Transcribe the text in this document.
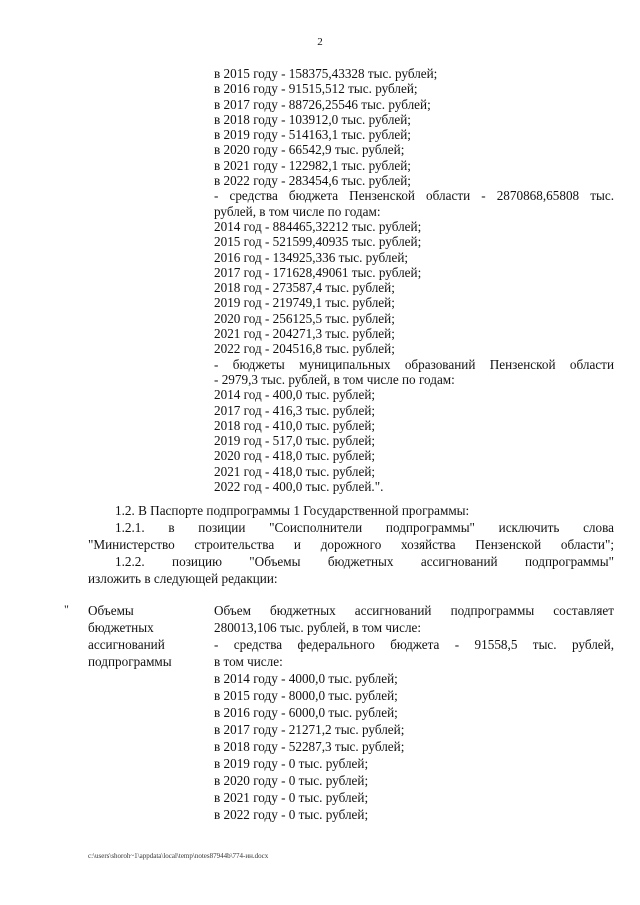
2
в 2015 году - 158375,43328 тыс. рублей;
в 2016 году - 91515,512 тыс. рублей;
в 2017 году - 88726,25546 тыс. рублей;
в 2018 году - 103912,0 тыс. рублей;
в 2019 году - 514163,1 тыс. рублей;
в 2020 году - 66542,9 тыс. рублей;
в 2021 году - 122982,1 тыс. рублей;
в 2022 году - 283454,6 тыс. рублей;
- средства бюджета Пензенской области - 2870868,65808 тыс.
рублей, в том числе по годам:
2014 год - 884465,32212 тыс. рублей;
2015 год - 521599,40935 тыс. рублей;
2016 год - 134925,336 тыс. рублей;
2017 год - 171628,49061 тыс. рублей;
2018 год - 273587,4 тыс. рублей;
2019 год - 219749,1 тыс. рублей;
2020 год - 256125,5 тыс. рублей;
2021 год - 204271,3 тыс. рублей;
2022 год - 204516,8 тыс. рублей;
- бюджеты муниципальных образований Пензенской области
- 2979,3 тыс. рублей, в том числе по годам:
2014 год - 400,0 тыс. рублей;
2017 год - 416,3 тыс. рублей;
2018 год - 410,0 тыс. рублей;
2019 год - 517,0 тыс. рублей;
2020 год - 418,0 тыс. рублей;
2021 год - 418,0 тыс. рублей;
2022 год - 400,0 тыс. рублей.".
1.2. В Паспорте подпрограммы 1 Государственной программы:
1.2.1. в позиции "Соисполнители подпрограммы" исключить слова
"Министерство строительства и дорожного хозяйства Пензенской области";
1.2.2. позицию "Объемы бюджетных ассигнований подпрограммы"
изложить в следующей редакции:
" Объемы
бюджетных
ассигнований
подпрограммы
Объем бюджетных ассигнований подпрограммы составляет
280013,106 тыс. рублей, в том числе:
- средства федерального бюджета - 91558,5 тыс. рублей,
в том числе:
в 2014 году - 4000,0 тыс. рублей;
в 2015 году - 8000,0 тыс. рублей;
в 2016 году - 6000,0 тыс. рублей;
в 2017 году - 21271,2 тыс. рублей;
в 2018 году - 52287,3 тыс. рублей;
в 2019 году - 0 тыс. рублей;
в 2020 году - 0 тыс. рублей;
в 2021 году - 0 тыс. рублей;
в 2022 году - 0 тыс. рублей;
c:\users\shoroh~1\appdata\local\temp\notes87944b\774-ин.docx
